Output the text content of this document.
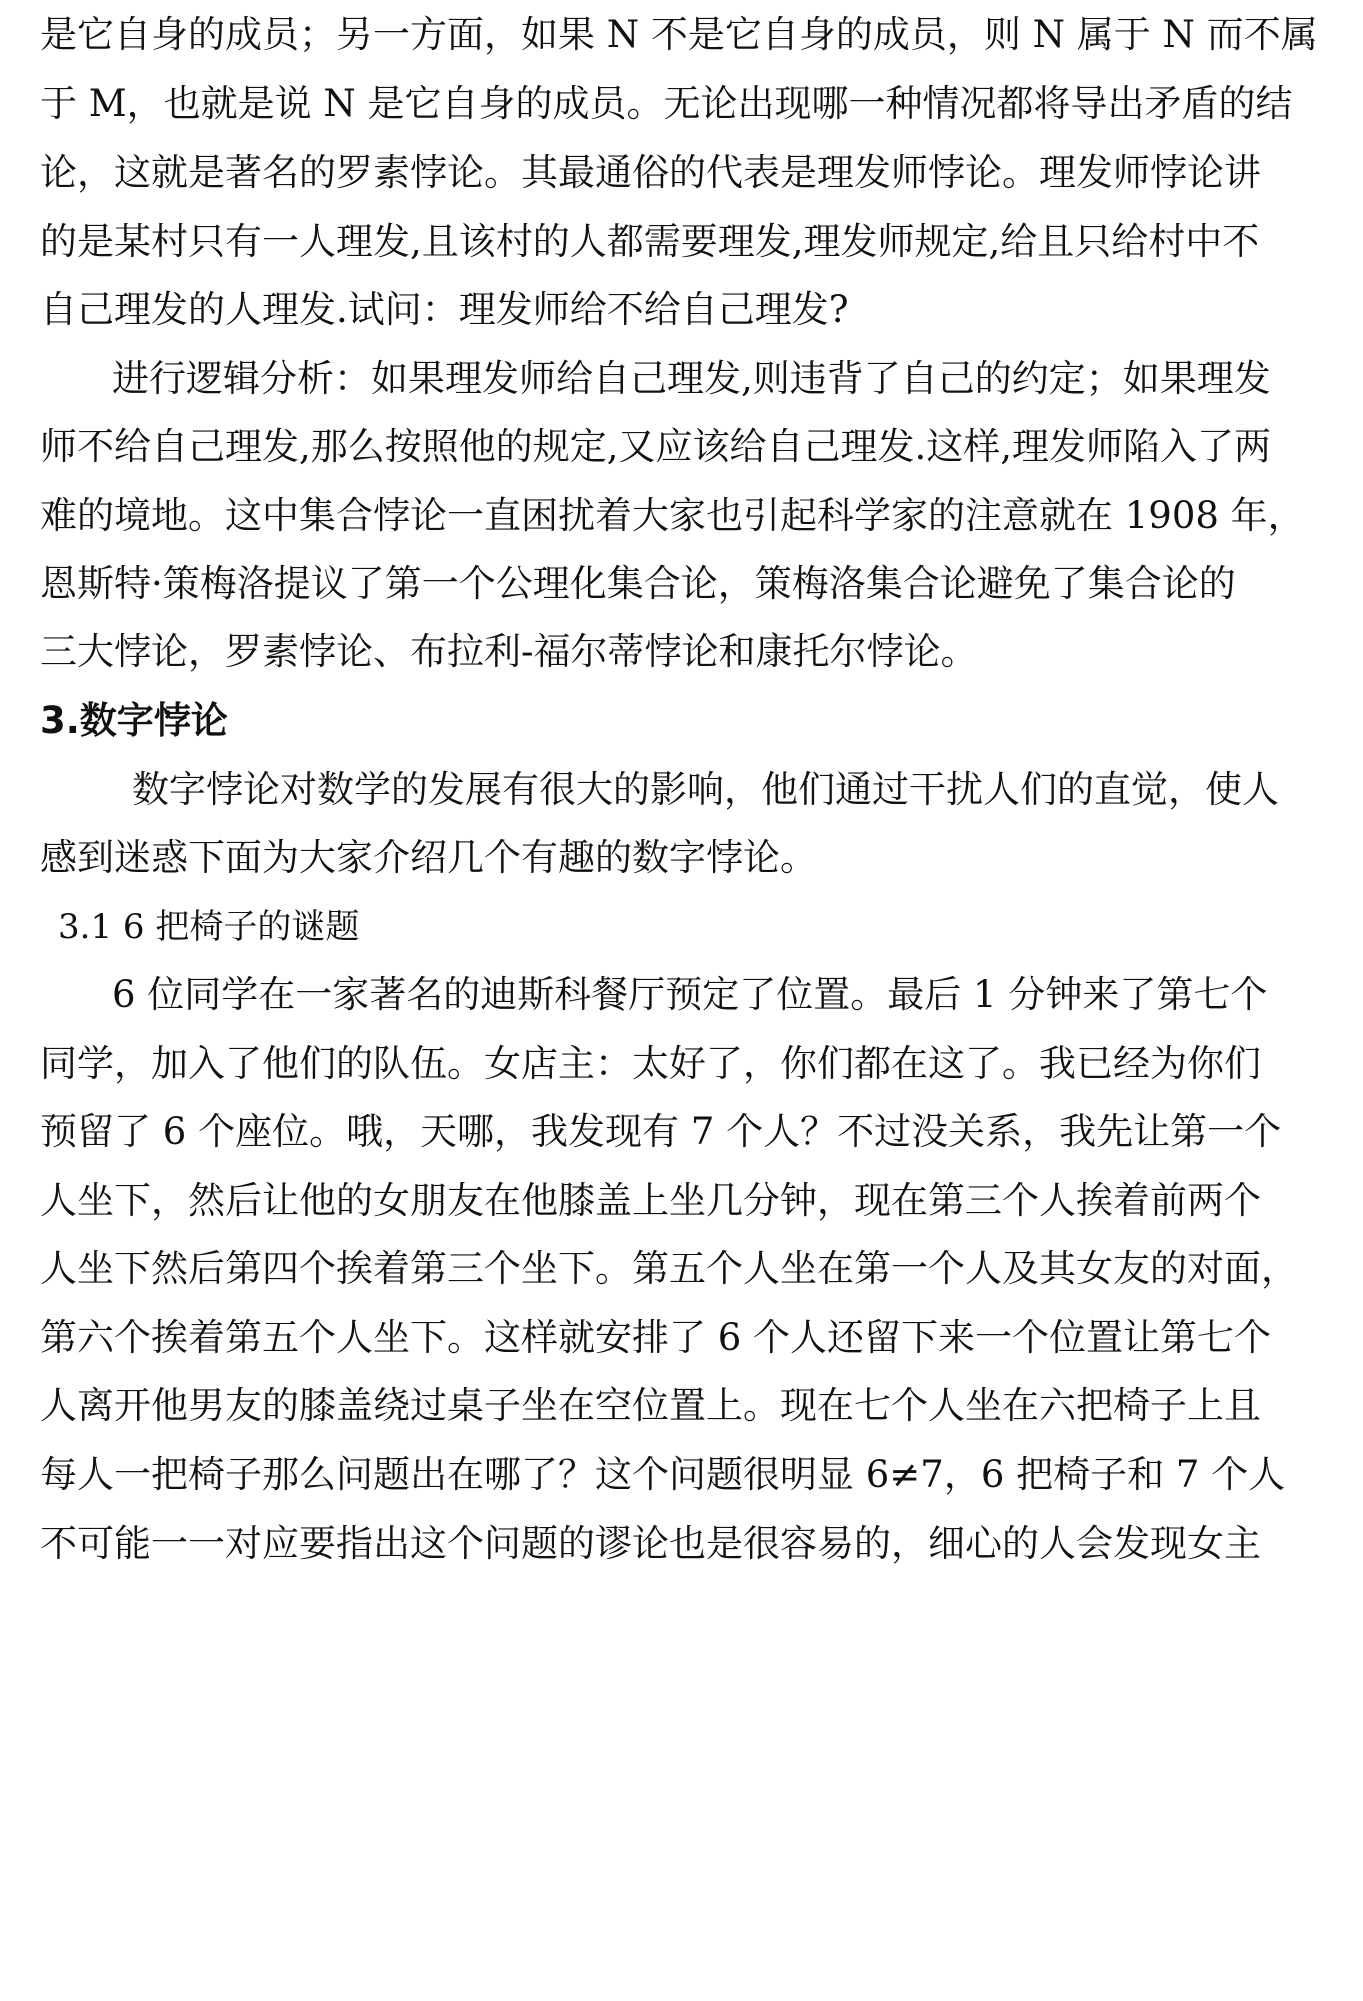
是它自身的成员；另一方面，如果 N 不是它自身的成员，则 N 属于 N 而不属
于 M，也就是说 N 是它自身的成员。无论出现哪一种情况都将导出矛盾的结
论，这就是著名的罗素悖论。其最通俗的代表是理发师悖论。理发师悖论讲
的是某村只有一人理发,且该村的人都需要理发,理发师规定,给且只给村中不
自己理发的人理发.试问：理发师给不给自己理发?
进行逻辑分析：如果理发师给自己理发,则违背了自己的约定；如果理发
师不给自己理发,那么按照他的规定,又应该给自己理发.这样,理发师陷入了两
难的境地。这中集合悖论一直困扰着大家也引起科学家的注意就在 1908 年，
恩斯特·策梅洛提议了第一个公理化集合论，策梅洛集合论避免了集合论的
三大悖论，罗素悖论、布拉利-福尔蒂悖论和康托尔悖论。
3.数字悖论
数字悖论对数学的发展有很大的影响，他们通过干扰人们的直觉，使人
感到迷惑下面为大家介绍几个有趣的数字悖论。
3.1 6 把椅子的谜题
6 位同学在一家著名的迪斯科餐厅预定了位置。最后 1 分钟来了第七个
同学，加入了他们的队伍。女店主：太好了，你们都在这了。我已经为你们
预留了 6 个座位。哦，天哪，我发现有 7 个人？不过没关系，我先让第一个
人坐下，然后让他的女朋友在他膝盖上坐几分钟，现在第三个人挨着前两个
人坐下然后第四个挨着第三个坐下。第五个人坐在第一个人及其女友的对面，
第六个挨着第五个人坐下。这样就安排了 6 个人还留下来一个位置让第七个
人离开他男友的膝盖绕过桌子坐在空位置上。现在七个人坐在六把椅子上且
每人一把椅子那么问题出在哪了？这个问题很明显 6≠7，6 把椅子和 7 个人
不可能一一对应要指出这个问题的谬论也是很容易的，细心的人会发现女主
